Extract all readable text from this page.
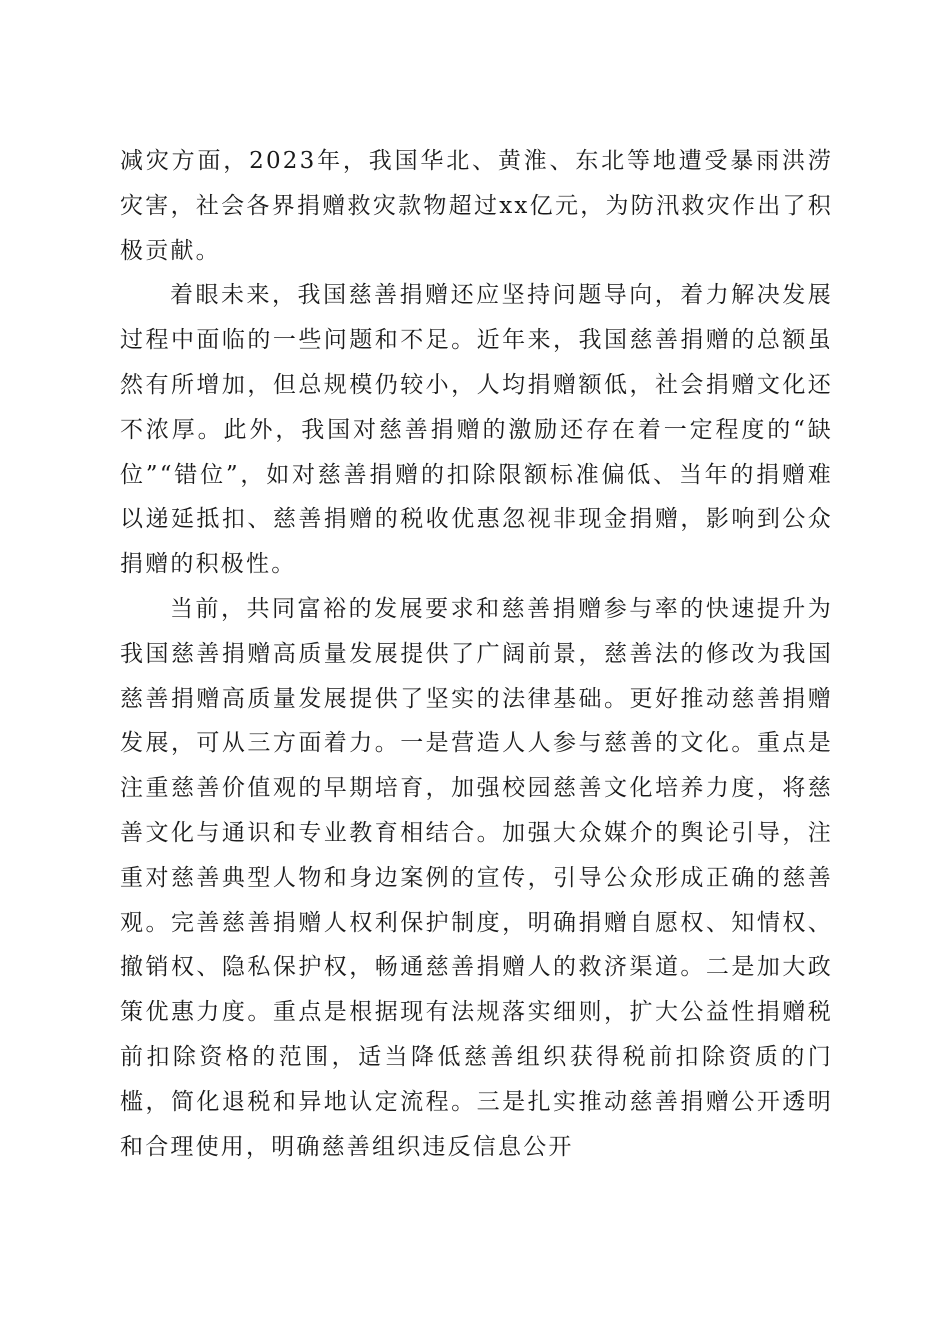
减灾方面，2023年，我国华北、黄淮、东北等地遭受暴雨洪涝灾害，社会各界捐赠救灾款物超过xx亿元，为防汛救灾作出了积极贡献。

着眼未来，我国慈善捐赠还应坚持问题导向，着力解决发展过程中面临的一些问题和不足。近年来，我国慈善捐赠的总额虽然有所增加，但总规模仍较小，人均捐赠额低，社会捐赠文化还不浓厚。此外，我国对慈善捐赠的激励还存在着一定程度的“缺位”“错位”，如对慈善捐赠的扣除限额标准偏低、当年的捐赠难以递延抵扣、慈善捐赠的税收优惠忽视非现金捐赠，影响到公众捐赠的积极性。

当前，共同富裕的发展要求和慈善捐赠参与率的快速提升为我国慈善捐赠高质量发展提供了广阔前景，慈善法的修改为我国慈善捐赠高质量发展提供了坚实的法律基础。更好推动慈善捐赠发展，可从三方面着力。一是营造人人参与慈善的文化。重点是注重慈善价值观的早期培育，加强校园慈善文化培养力度，将慈善文化与通识和专业教育相结合。加强大众媒介的舆论引导，注重对慈善典型人物和身边案例的宣传，引导公众形成正确的慈善观。完善慈善捐赠人权利保护制度，明确捐赠自愿权、知情权、撤销权、隐私保护权，畅通慈善捐赠人的救济渠道。二是加大政策优惠力度。重点是根据现有法规落实细则，扩大公益性捐赠税前扣除资格的范围，适当降低慈善组织获得税前扣除资质的门槛，简化退税和异地认定流程。三是扎实推动慈善捐赠公开透明和合理使用，明确慈善组织违反信息公开
